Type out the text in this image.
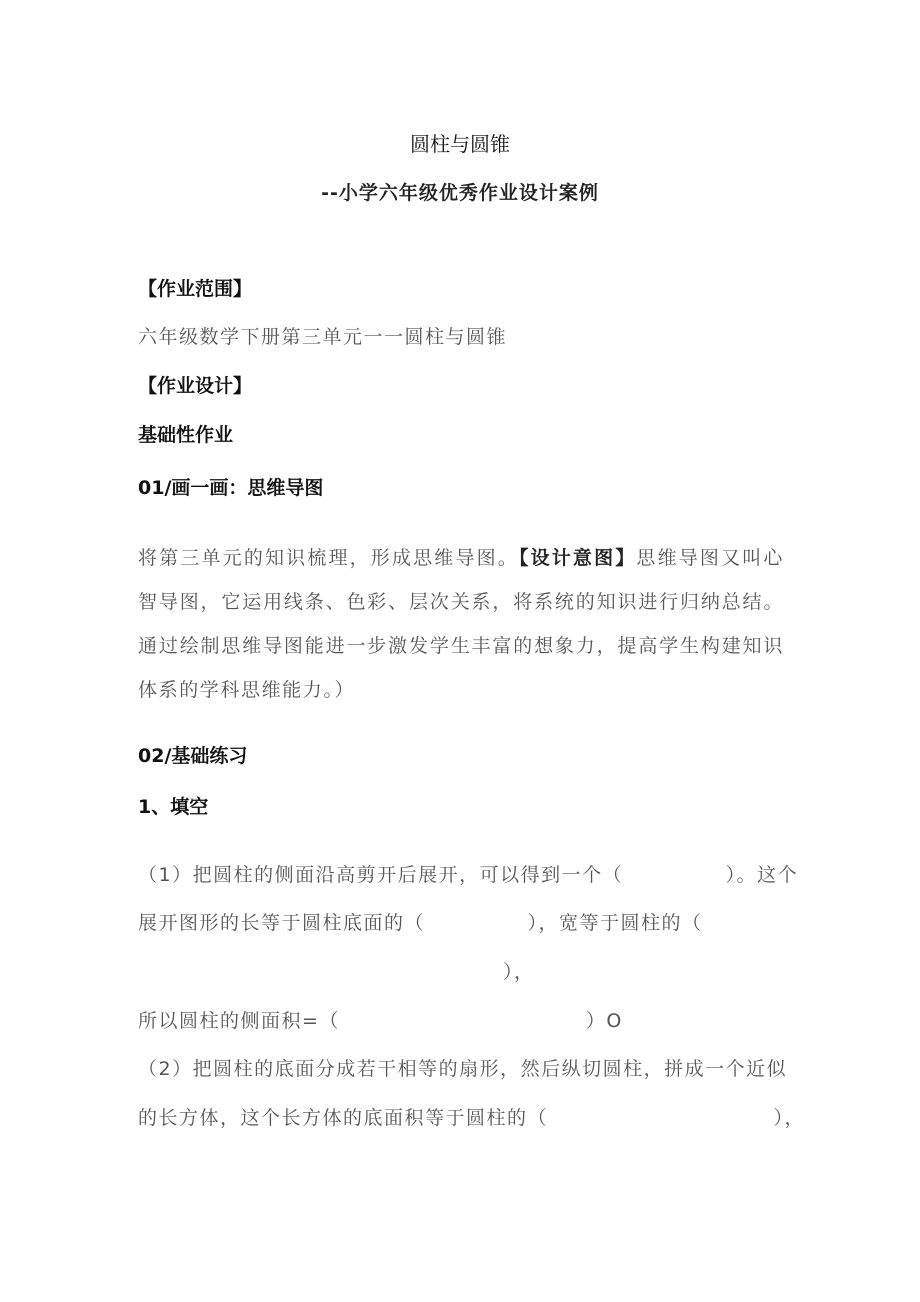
圆柱与圆锥
--小学六年级优秀作业设计案例
【作业范围】
六年级数学下册第三单元一一圆柱与圆锥
【作业设计】
基础性作业
01/画一画：思维导图
将第三单元的知识梳理，形成思维导图。【设计意图】思维导图又叫心智导图，它运用线条、色彩、层次关系，将系统的知识进行归纳总结。通过绘制思维导图能进一步激发学生丰富的想象力，提高学生构建知识体系的学科思维能力。）
02/基础练习
1、填空
（1）把圆柱的侧面沿高剪开后展开，可以得到一个（　　　　　）。这个
展开图形的长等于圆柱底面的（　　　　　），宽等于圆柱的（
），
所以圆柱的侧面积=（　　　　　　　　　　　　）O
（2）把圆柱的底面分成若干相等的扇形，然后纵切圆柱，拼成一个近似
的长方体，这个长方体的底面积等于圆柱的（　　　　　　　　　　　），
